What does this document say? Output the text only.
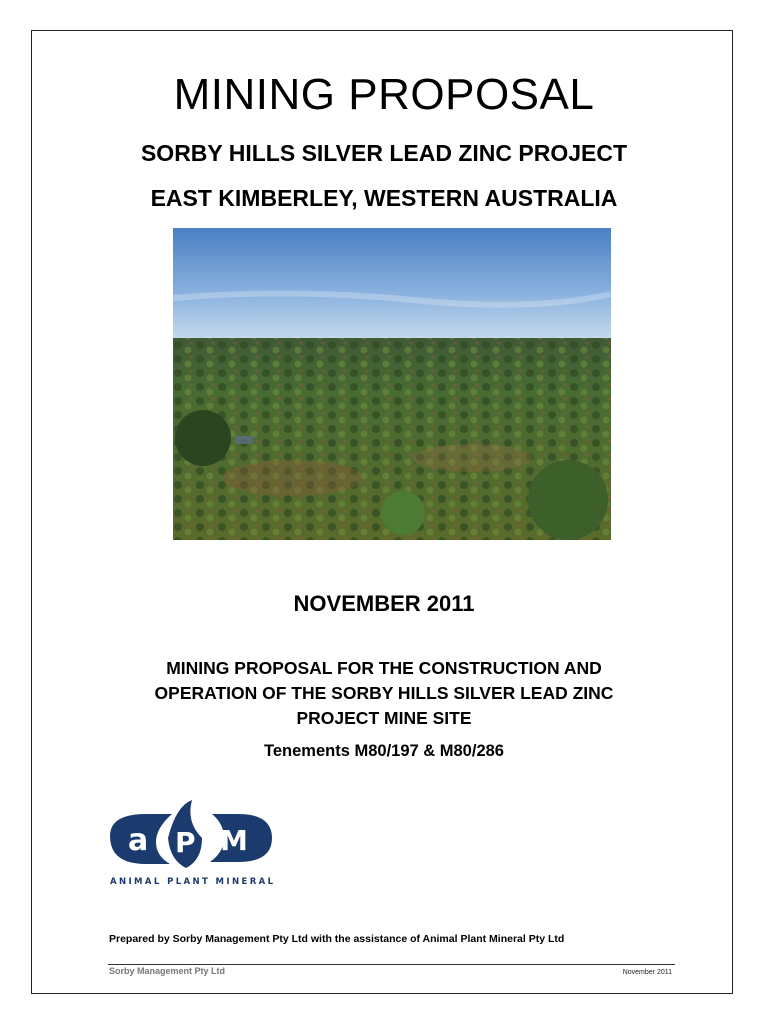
MINING PROPOSAL
SORBY HILLS SILVER LEAD ZINC PROJECT
EAST KIMBERLEY, WESTERN AUSTRALIA
NOVEMBER 2011
MINING PROPOSAL FOR THE CONSTRUCTION AND OPERATION OF THE SORBY HILLS SILVER LEAD ZINC PROJECT MINE SITE
Tenements M80/197 & M80/286
a P M
ANIMAL PLANT MINERAL
Prepared by Sorby Management Pty Ltd with the assistance of Animal Plant Mineral Pty Ltd
Sorby Management Pty Ltd	November 2011
